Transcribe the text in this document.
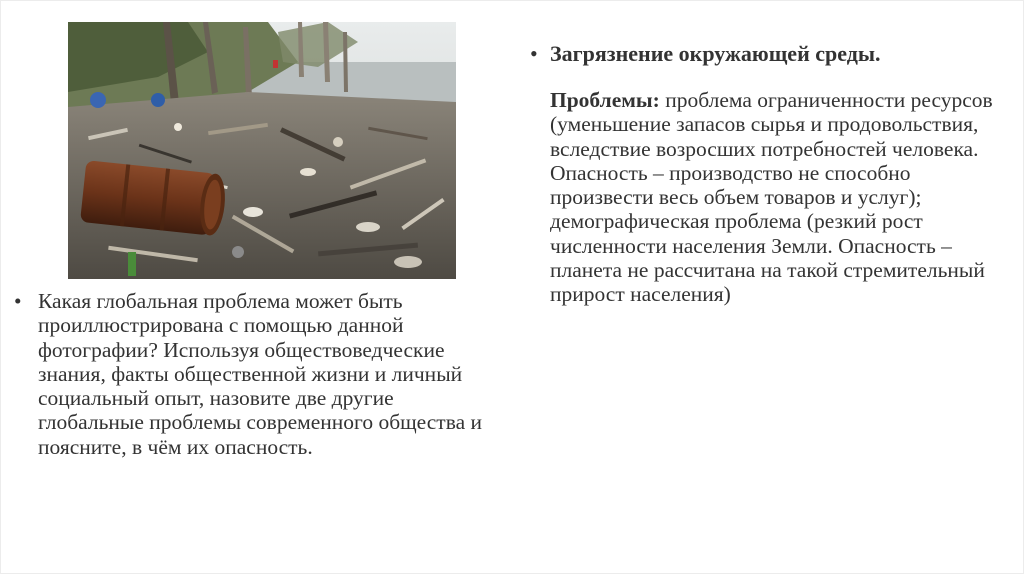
• Какая глобальная проблема может быть проиллюстрирована с помощью данной фотографии? Используя обществоведческие знания, факты общественной жизни и личный социальный опыт, назовите две другие глобальные проблемы современного общества и поясните, в чём их опасность.
• Загрязнение окружающей среды.
Проблемы: проблема ограниченности ресурсов (уменьшение запасов сырья и продовольствия, вследствие возросших потребностей человека. Опасность – производство не способно произвести весь объем товаров и услуг); демографическая проблема (резкий рост численности населения Земли. Опасность – планета не рассчитана на такой стремительный прирост населения)
